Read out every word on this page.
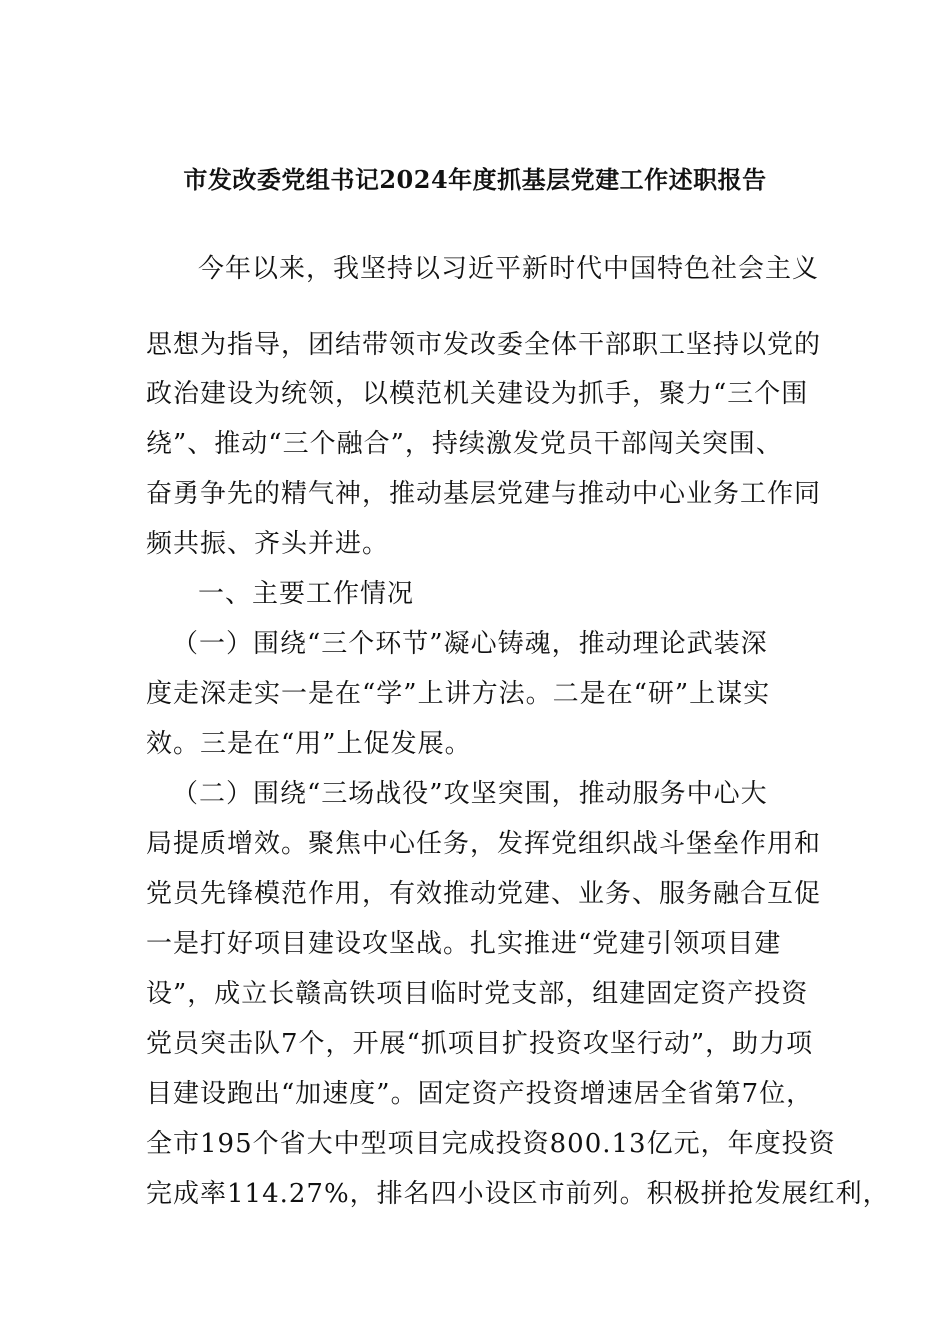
市发改委党组书记2024年度抓基层党建工作述职报告
今年以来，我坚持以习近平新时代中国特色社会主义
思想为指导，团结带领市发改委全体干部职工坚持以党的
政治建设为统领，以模范机关建设为抓手，聚力“三个围
绕”、推动“三个融合”，持续激发党员干部闯关突围、
奋勇争先的精气神，推动基层党建与推动中心业务工作同
频共振、齐头并进。
一、主要工作情况
（一）围绕“三个环节”凝心铸魂，推动理论武装深
度走深走实一是在“学”上讲方法。二是在“研”上谋实
效。三是在“用”上促发展。
（二）围绕“三场战役”攻坚突围，推动服务中心大
局提质增效。聚焦中心任务，发挥党组织战斗堡垒作用和
党员先锋模范作用，有效推动党建、业务、服务融合互促
一是打好项目建设攻坚战。扎实推进“党建引领项目建
设”，成立长赣高铁项目临时党支部，组建固定资产投资
党员突击队7个，开展“抓项目扩投资攻坚行动”，助力项
目建设跑出“加速度”。固定资产投资增速居全省第7位，
全市195个省大中型项目完成投资800.13亿元，年度投资
完成率114.27%，排名四小设区市前列。积极拼抢发展红利，
